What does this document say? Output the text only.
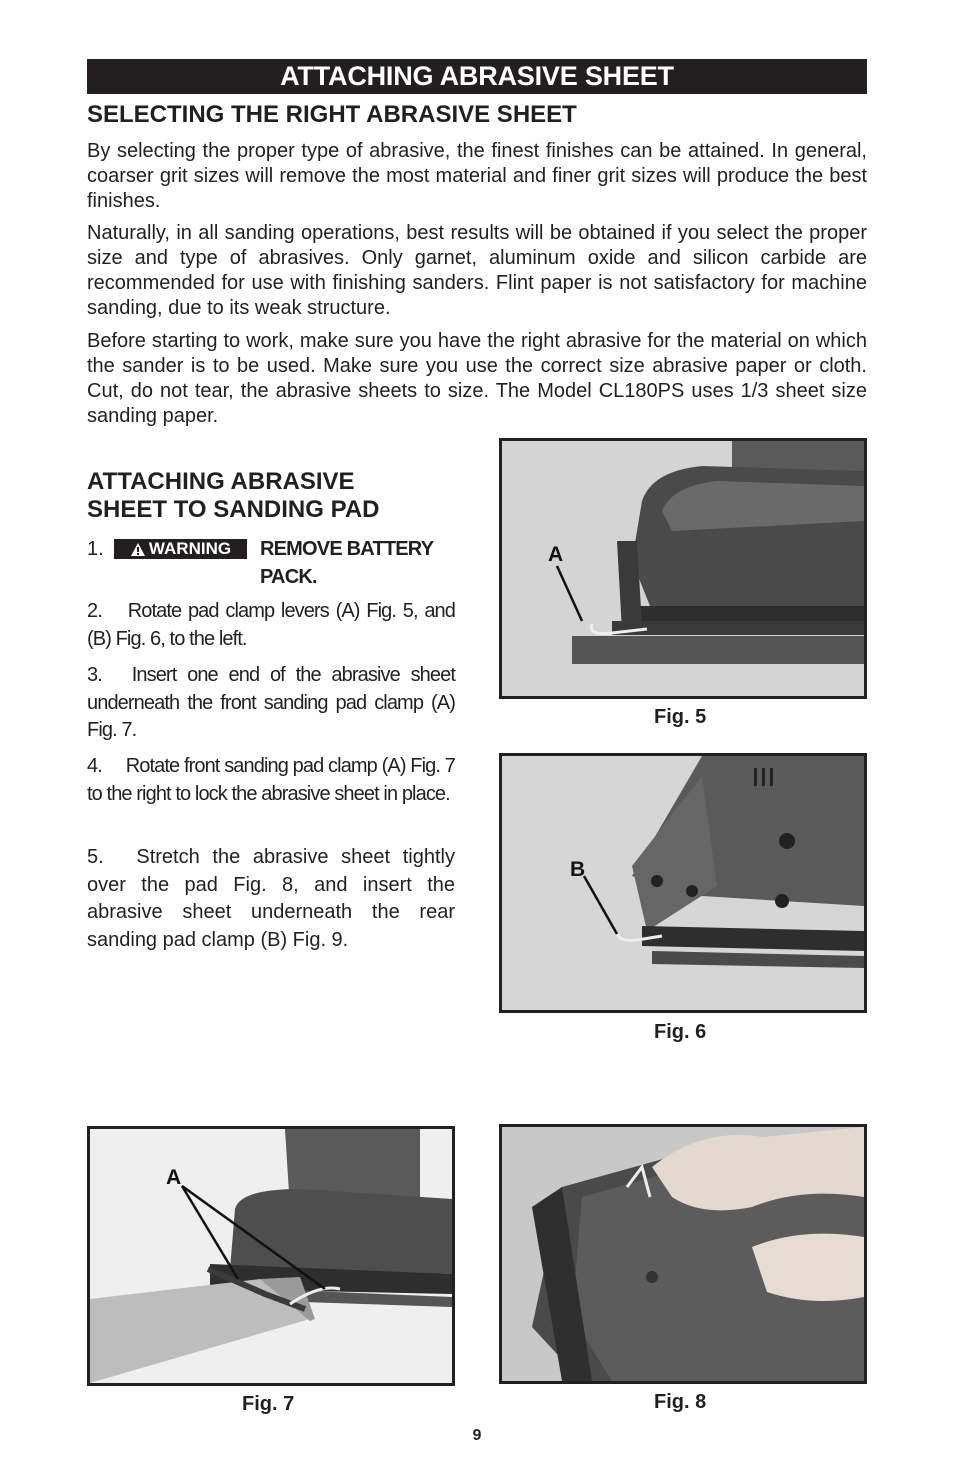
ATTACHING ABRASIVE SHEET
SELECTING THE RIGHT ABRASIVE SHEET

By selecting the proper type of abrasive, the finest finishes can be attained. In general, coarser grit sizes will remove the most material and finer grit sizes will produce the best finishes.

Naturally, in all sanding operations, best results will be obtained if you select the proper size and type of abrasives. Only garnet, aluminum oxide and silicon carbide are recommended for use with finishing sanders. Flint paper is not satisfactory for machine sanding, due to its weak structure.

Before starting to work, make sure you have the right abrasive for the material on which the sander is to be used. Make sure you use the correct size abrasive paper or cloth. Cut, do not tear, the abrasive sheets to size. The Model CL180PS uses 1/3 sheet size sanding paper.

ATTACHING ABRASIVE
SHEET TO SANDING PAD
1.	WARNING REMOVE BATTERY PACK.

2.  Rotate pad clamp levers (A) Fig. 5, and (B) Fig. 6, to the left.

3.  Insert one end of the abrasive sheet underneath the front sanding pad clamp (A) Fig. 7.

4.  Rotate front sanding pad clamp (A) Fig. 7 to the right to lock the abrasive sheet in place.

5.  Stretch the abrasive sheet tightly over the pad Fig. 8, and insert the abrasive sheet underneath the rear sanding pad clamp (B) Fig. 9.

A
Fig. 5
B
Fig. 6
A
Fig. 7	Fig. 8
9
